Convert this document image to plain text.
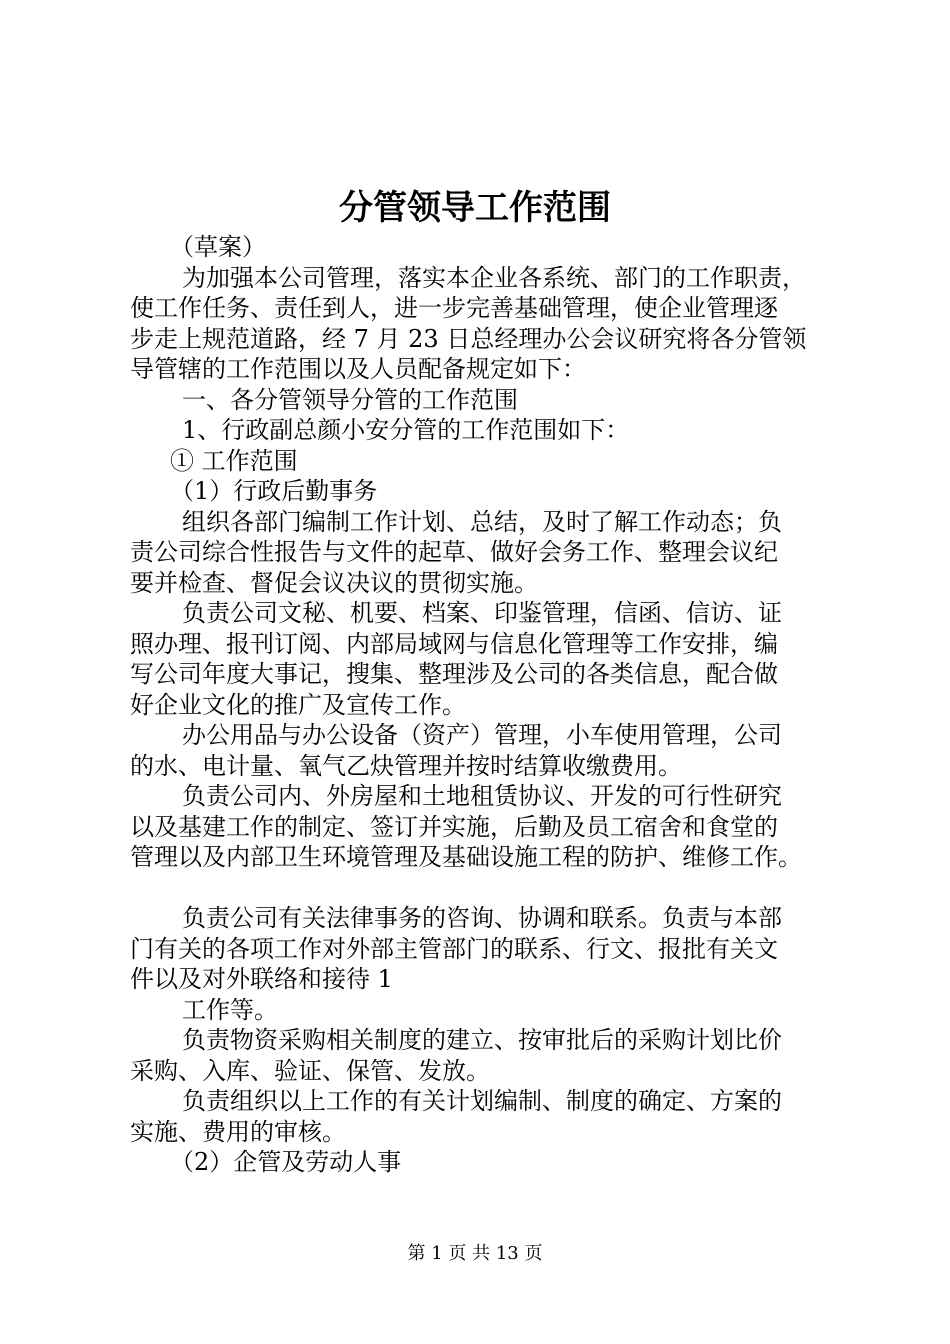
分管领导工作范围

（草案）

为加强本公司管理，落实本企业各系统、部门的工作职责，

使工作任务、责任到人，进一步完善基础管理，使企业管理逐

步走上规范道路，经 7 月 23 日总经理办公会议研究将各分管领

导管辖的工作范围以及人员配备规定如下：

一、各分管领导分管的工作范围

1、行政副总颜小安分管的工作范围如下：

① 工作范围

（1）行政后勤事务

组织各部门编制工作计划、总结，及时了解工作动态；负

责公司综合性报告与文件的起草、做好会务工作、整理会议纪

要并检查、督促会议决议的贯彻实施。

负责公司文秘、机要、档案、印鉴管理，信函、信访、证

照办理、报刊订阅、内部局域网与信息化管理等工作安排，编

写公司年度大事记，搜集、整理涉及公司的各类信息，配合做

好企业文化的推广及宣传工作。

办公用品与办公设备（资产）管理，小车使用管理，公司

的水、电计量、氧气乙炔管理并按时结算收缴费用。

负责公司内、外房屋和土地租赁协议、开发的可行性研究

以及基建工作的制定、签订并实施，后勤及员工宿舍和食堂的

管理以及内部卫生环境管理及基础设施工程的防护、维修工作。

负责公司有关法律事务的咨询、协调和联系。负责与本部

门有关的各项工作对外部主管部门的联系、行文、报批有关文

件以及对外联络和接待 1

工作等。

负责物资采购相关制度的建立、按审批后的采购计划比价

采购、入库、验证、保管、发放。

负责组织以上工作的有关计划编制、制度的确定、方案的

实施、费用的审核。

（2）企管及劳动人事

第 1 页 共 13 页
